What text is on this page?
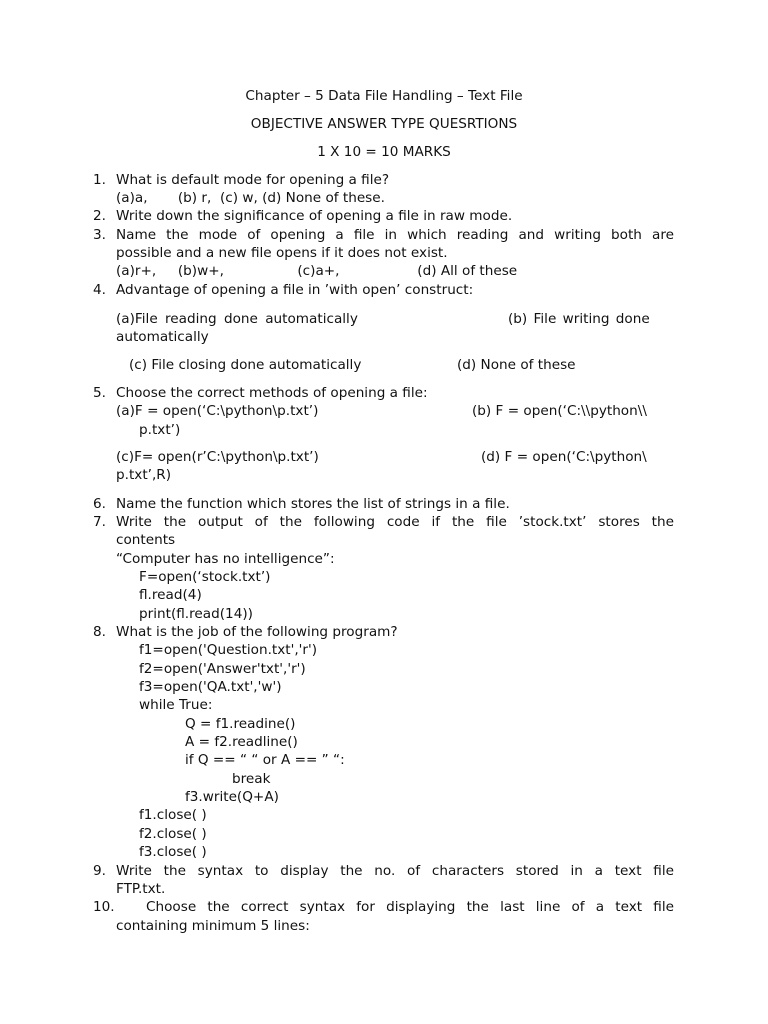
Chapter – 5 Data File Handling – Text File
OBJECTIVE ANSWER TYPE QUESRTIONS
1 X 10 = 10 MARKS
1. What is default mode for opening a file?
(a)a,       (b) r,  (c) w, (d) None of these.
2. Write down the significance of opening a file in raw mode.
3. Name the mode of opening a file in which reading and writing both are
possible and a new file opens if it does not exist.
(a)r+,     (b)w+,                 (c)a+,                  (d) All of these
4. Advantage of opening a file in ’with open’ construct:
(a)File reading done automatically	(b) File writing done
automatically
(c) File closing done automatically	(d) None of these
5. Choose the correct methods of opening a file:
(a)F = open(‘C:\python\p.txt’)	(b) F = open(‘C:\\python\\
p.txt’)
(c)F= open(r’C:\python\p.txt’)	(d) F = open(‘C:\python\
p.txt’,R)
6. Name the function which stores the list of strings in a file.
7. Write the output of the following code if the file ’stock.txt’ stores the
contents
“Computer has no intelligence”:
F=open(‘stock.txt’)
fl.read(4)
print(fl.read(14))
8. What is the job of the following program?
f1=open('Question.txt','r')
f2=open('Answer'txt','r')
f3=open('QA.txt','w')
while True:
Q = f1.readine()
A = f2.readline()
if Q == “ “ or A == ” “:
break
f3.write(Q+A)
f1.close( )
f2.close( )
f3.close( )
9. Write the syntax to display the no. of characters stored in a text file
FTP.txt.
10. Choose the correct syntax for displaying the last line of a text file
containing minimum 5 lines:
